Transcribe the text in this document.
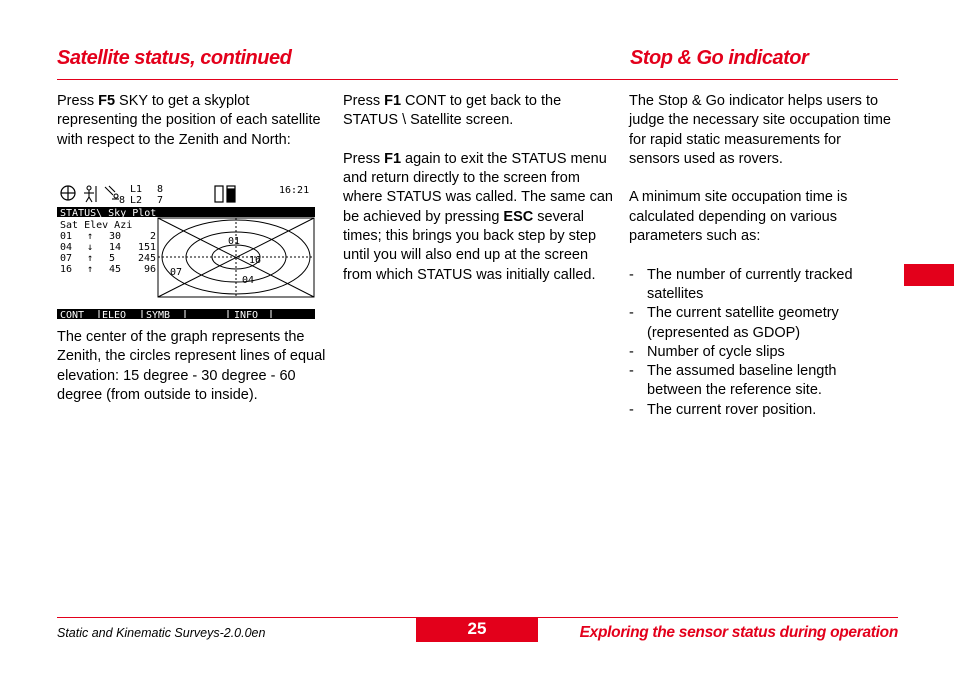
Satellite status, continued	Stop & Go indicator

Press F5 SKY to get a skyplot representing the position of each satellite with respect to the Zenith and North:

L1 8
8 L2 7
16:21
STATUS\ Sky Plot
Sat Elev Azi
01 ↑ 30	2
04 ↓ 14 151
07 ↑ 5 245
16 ↑ 45 96
01
16
07
04
CONT ELEO SYMB	INFO

The center of the graph represents the Zenith, the circles represent lines of equal elevation: 15 degree - 30 degree - 60 degree (from outside to inside).

Press F1 CONT to get back to the STATUS \ Satellite screen.

Press F1 again to exit the STATUS menu and return directly to the screen from where STATUS was called. The same can be achieved by pressing ESC several times; this brings you back step by step until you will also end up at the screen from which STATUS was initially called.

The Stop & Go indicator helps users to judge the necessary site occupation time for rapid static measurements for sensors used as rovers.

A minimum site occupation time is calculated depending on various parameters such as:

- The number of currently tracked satellites
- The current satellite geometry (represented as GDOP)
- Number of cycle slips
- The assumed baseline length between the reference site.
- The current rover position.
Static and Kinematic Surveys-2.0.0en	25	Exploring the sensor status during operation
